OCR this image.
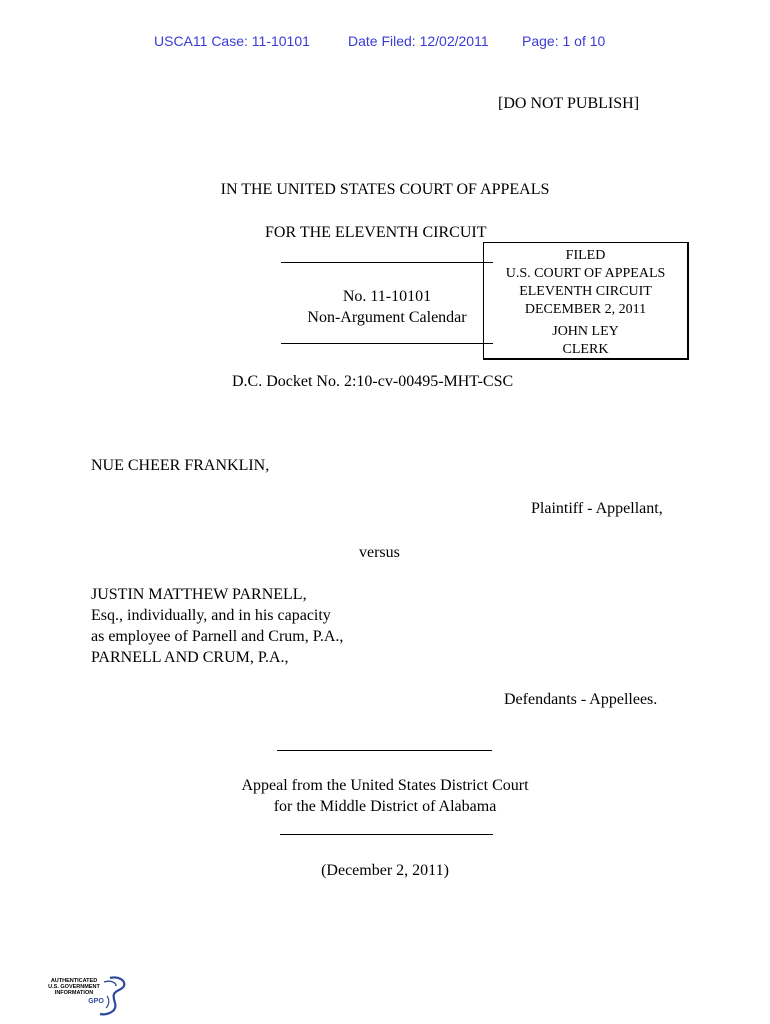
USCA11 Case: 11-10101	Date Filed: 12/02/2011 Page: 1 of 10
[DO NOT PUBLISH]
IN THE UNITED STATES COURT OF APPEALS
FOR THE ELEVENTH CIRCUIT
No. 11-10101
Non-Argument Calendar
FILED
U.S. COURT OF APPEALS
ELEVENTH CIRCUIT
DECEMBER 2, 2011
JOHN LEY
CLERK
D.C. Docket No. 2:10-cv-00495-MHT-CSC
NUE CHEER FRANKLIN,
Plaintiff - Appellant,
versus
JUSTIN MATTHEW PARNELL,
Esq., individually, and in his capacity
as employee of Parnell and Crum, P.A.,
PARNELL AND CRUM, P.A.,
Defendants - Appellees.
Appeal from the United States District Court
for the Middle District of Alabama
(December 2, 2011)
AUTHENTICATED
U.S. GOVERNMENT
INFORMATION
GPO
